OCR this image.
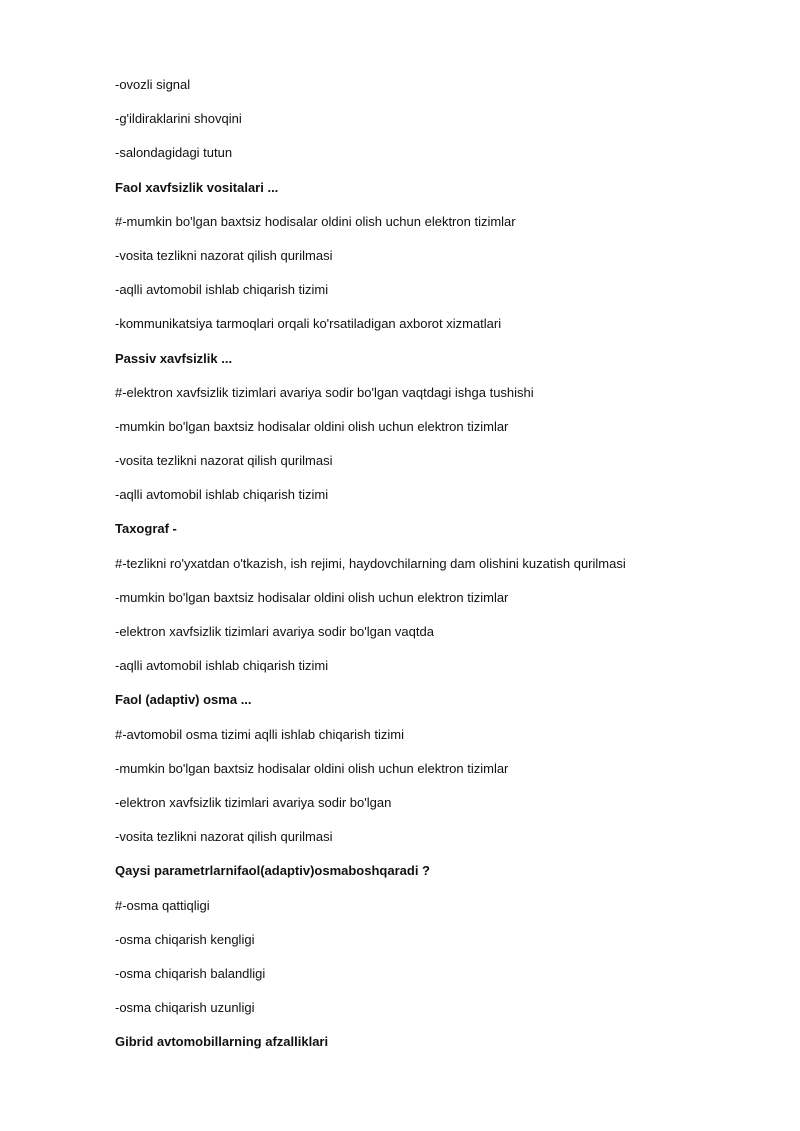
-ovozli signal
-g'ildiraklarini shovqini
-salondagidagi tutun
Faol xavfsizlik vositalari ...
#-mumkin bo'lgan baxtsiz hodisalar oldini olish uchun elektron tizimlar
-vosita tezlikni nazorat qilish qurilmasi
-aqlli avtomobil ishlab chiqarish tizimi
-kommunikatsiya tarmoqlari orqali ko'rsatiladigan axborot xizmatlari
Passiv xavfsizlik ...
#-elektron xavfsizlik tizimlari avariya sodir bo'lgan vaqtdagi ishga tushishi
-mumkin bo'lgan baxtsiz hodisalar oldini olish uchun elektron tizimlar
-vosita tezlikni nazorat qilish qurilmasi
-aqlli avtomobil ishlab chiqarish tizimi
Taxograf -
#-tezlikni ro'yxatdan o'tkazish, ish rejimi, haydovchilarning dam olishini kuzatish qurilmasi
-mumkin bo'lgan baxtsiz hodisalar oldini olish uchun elektron tizimlar
-elektron xavfsizlik tizimlari avariya sodir bo'lgan vaqtda
-aqlli avtomobil ishlab chiqarish tizimi
Faol (adaptiv) osma ...
#-avtomobil osma tizimi aqlli ishlab chiqarish tizimi
-mumkin bo'lgan baxtsiz hodisalar oldini olish uchun elektron tizimlar
-elektron xavfsizlik tizimlari avariya sodir bo'lgan
-vosita tezlikni nazorat qilish qurilmasi
Qaysi parametrlarnifaol(adaptiv)osmaboshqaradi ?
#-osma qattiqligi
-osma chiqarish kengligi
-osma chiqarish balandligi
-osma chiqarish uzunligi
Gibrid avtomobillarning afzalliklari
